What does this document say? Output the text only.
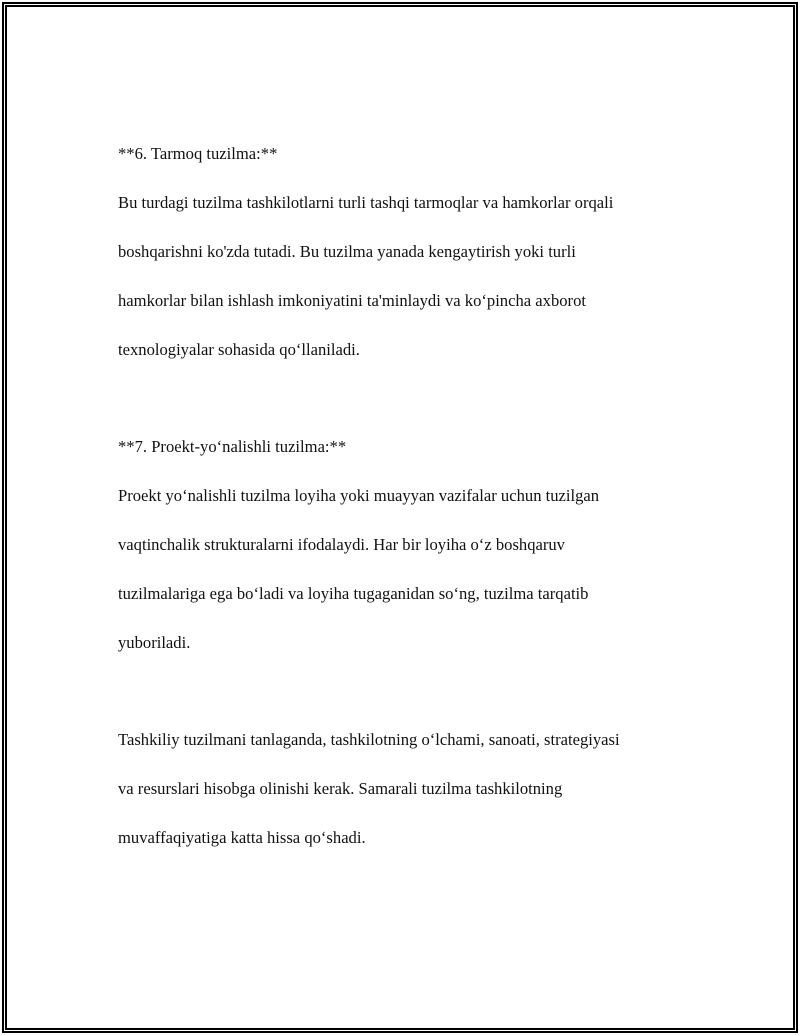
**6. Tarmoq tuzilma:**

Bu turdagi tuzilma tashkilotlarni turli tashqi tarmoqlar va hamkorlar orqali

boshqarishni ko'zda tutadi. Bu tuzilma yanada kengaytirish yoki turli

hamkorlar bilan ishlash imkoniyatini ta'minlaydi va ko‘pincha axborot

texnologiyalar sohasida qo‘llaniladi.

**7. Proekt-yo‘nalishli tuzilma:**

Proekt yo‘nalishli tuzilma loyiha yoki muayyan vazifalar uchun tuzilgan

vaqtinchalik strukturalarni ifodalaydi. Har bir loyiha o‘z boshqaruv

tuzilmalariga ega bo‘ladi va loyiha tugaganidan so‘ng, tuzilma tarqatib

yuboriladi.

Tashkiliy tuzilmani tanlaganda, tashkilotning o‘lchami, sanoati, strategiyasi

va resurslari hisobga olinishi kerak. Samarali tuzilma tashkilotning

muvaffaqiyatiga katta hissa qo‘shadi.
